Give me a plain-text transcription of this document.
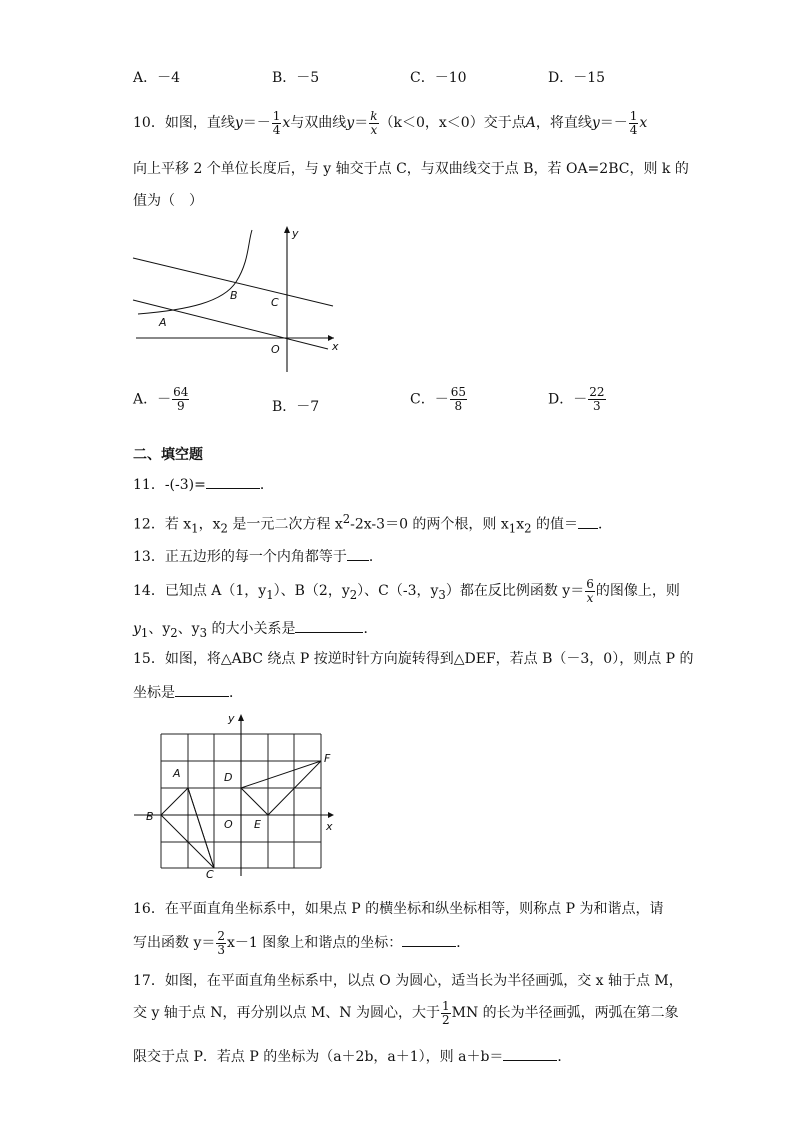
A．－4	B．－5	C．－10	D．－15
10．如图，直线$y=- \frac{1}{4}$ x与双曲线$y= \frac{k}{x} (k<0$，x＜0）交于点A，将直线$y=- \frac{1}{4}$ x
向上平移 2 个单位长度后，与 y 轴交于点 C，与双曲线交于点 B，若 OA=2BC，则 k 的
值为（　）
A
B
C
O
y
x
A．－ $\frac{64}{9}$	B．－7	C．－ $\frac{65}{8}$	D．－ $\frac{22}{3}$
二、填空题
11．-(-3)=	．
12．若 $x_1$，$x_2$ 是一元二次方程 $x^2-2x-3=0$ 的两个根，则 $x_1x_2$ 的值＝ ．
13．正五边形的每一个内角都等于 ．
14．已知点 A（1，$y_1$）、B（2，$y_2$）、C（-3，$y_3$）都在反比例函数 $y= \frac{6}{x}$ 的图像上，则
$y_1$、$y_2$、$y_3$ 的大小关系是	．
15．如图，将△ABC 绕点 P 按逆时针方向旋转得到△DEF，若点 B（－3，0），则点 P 的
坐标是	．
A
B
C
D
E
F
O
y
x
16．在平面直角坐标系中，如果点 P 的横坐标和纵坐标相等，则称点 P 为和谐点，请
写出函数 $y= \frac{2}{3} x-1$ 图象上和谐点的坐标：	．
17．如图，在平面直角坐标系中，以点 O 为圆心，适当长为半径画弧，交 x 轴于点 M，
交 y 轴于点 N，再分别以点 M、N 为圆心，大于 $\frac{1}{2}$ MN 的长为半径画弧，两弧在第二象
限交于点 P．若点 P 的坐标为（a＋2b，a＋1），则 a＋b＝	．
